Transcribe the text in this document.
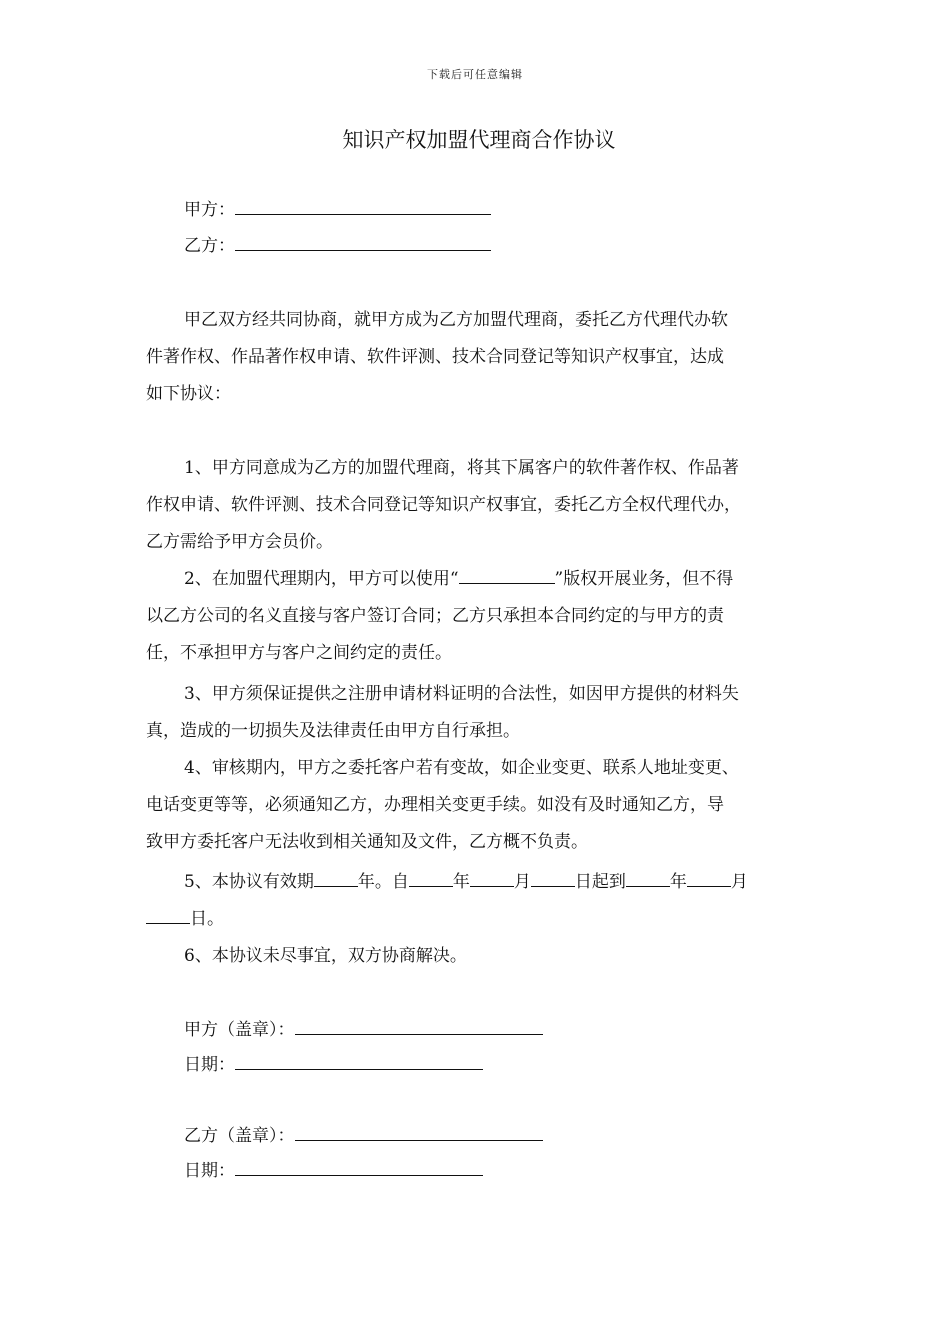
下载后可任意编辑
知识产权加盟代理商合作协议
甲方：
乙方：
甲乙双方经共同协商，就甲方成为乙方加盟代理商，委托乙方代理代办软
件著作权、作品著作权申请、软件评测、技术合同登记等知识产权事宜，达成
如下协议：
1、甲方同意成为乙方的加盟代理商，将其下属客户的软件著作权、作品著
作权申请、软件评测、技术合同登记等知识产权事宜，委托乙方全权代理代办，
乙方需给予甲方会员价。
2、在加盟代理期内，甲方可以使用“	”版权开展业务，但不得
以乙方公司的名义直接与客户签订合同；乙方只承担本合同约定的与甲方的责
任，不承担甲方与客户之间约定的责任。
3、甲方须保证提供之注册申请材料证明的合法性，如因甲方提供的材料失
真，造成的一切损失及法律责任由甲方自行承担。
4、审核期内，甲方之委托客户若有变故，如企业变更、联系人地址变更、
电话变更等等，必须通知乙方，办理相关变更手续。如没有及时通知乙方，导
致甲方委托客户无法收到相关通知及文件，乙方概不负责。
5、本协议有效期	年。自	年	月	日起到	年	月
日。
6、本协议未尽事宜，双方协商解决。
甲方（盖章）：
日期：
乙方（盖章）：
日期：
